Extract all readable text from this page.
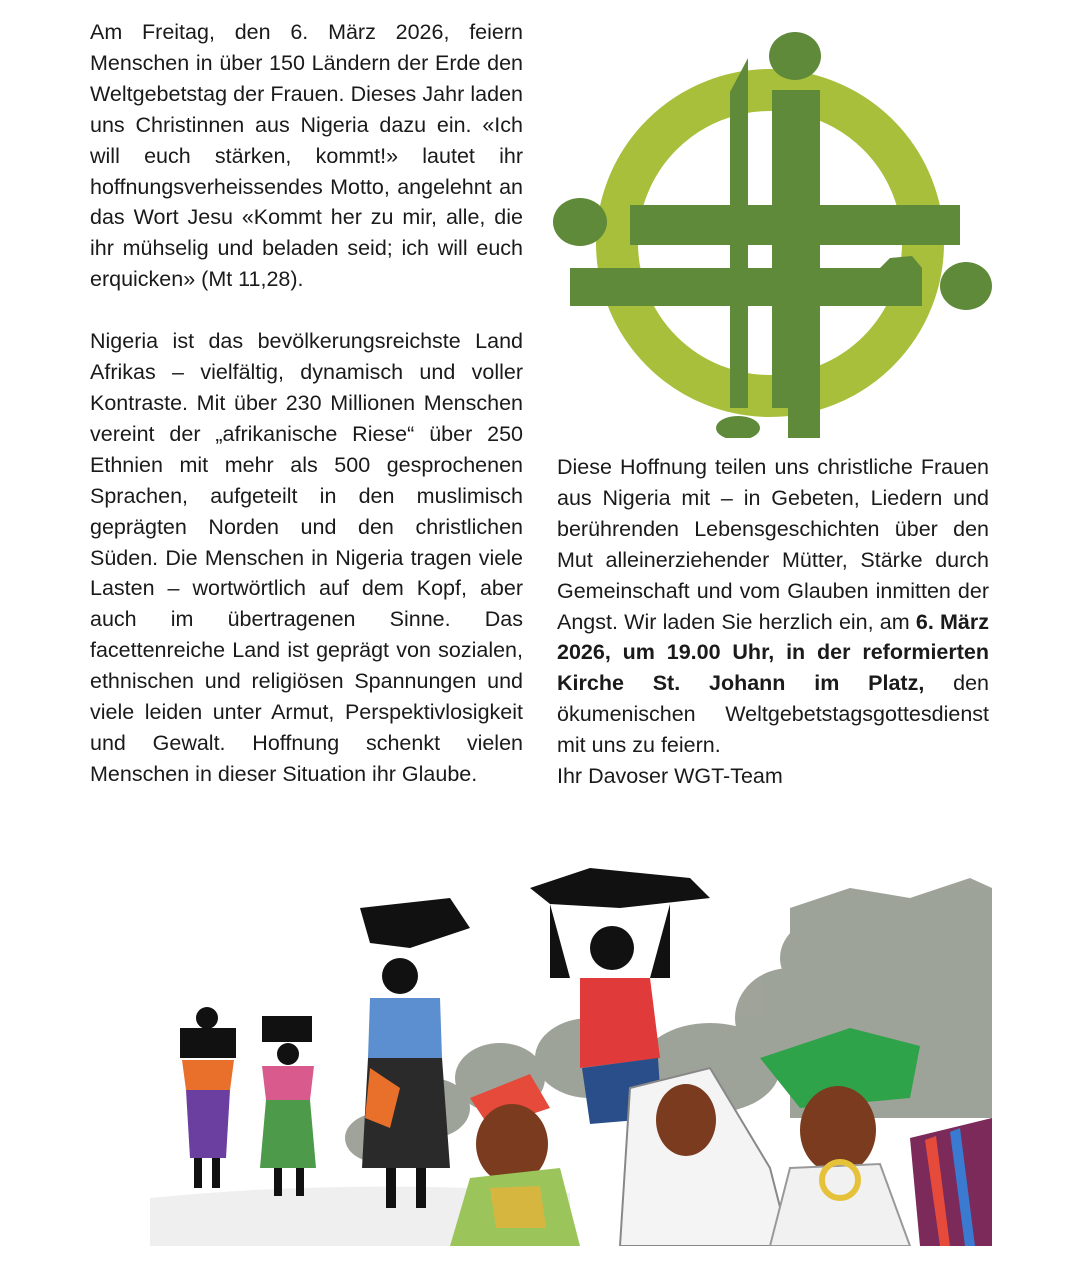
Am Freitag, den 6. März 2026, feiern Menschen in über 150 Ländern der Erde den Weltgebetstag der Frauen. Dieses Jahr laden uns Christinnen aus Nigeria dazu ein. «Ich will euch stärken, kommt!» lautet ihr hoffnungsverheissendes Motto, angelehnt an das Wort Jesu «Kommt her zu mir, alle, die ihr mühselig und beladen seid; ich will euch erquicken» (Mt 11,28).

Nigeria ist das bevölkerungsreichste Land Afrikas – vielfältig, dynamisch und voller Kontraste. Mit über 230 Millionen Menschen vereint der „afrikanische Riese“ über 250 Ethnien mit mehr als 500 gesprochenen Sprachen, aufgeteilt in den muslimisch geprägten Norden und den christlichen Süden. Die Menschen in Nigeria tragen viele Lasten – wortwörtlich auf dem Kopf, aber auch im übertragenen Sinne. Das facettenreiche Land ist geprägt von sozialen, ethnischen und religiösen Spannungen und viele leiden unter Armut, Perspektivlosigkeit und Gewalt. Hoffnung schenkt vielen Menschen in dieser Situation ihr Glaube.

Diese Hoffnung teilen uns christliche Frauen aus Nigeria mit – in Gebeten, Liedern und berührenden Lebensgeschichten über den Mut alleinerziehender Mütter, Stärke durch Gemeinschaft und vom Glauben inmitten der Angst. Wir laden Sie herzlich ein, am 6. März 2026, um 19.00 Uhr, in der reformierten Kirche St. Johann im Platz, den ökumenischen Weltgebetstagsgottesdienst mit uns zu feiern.

Ihr Davoser WGT-Team
